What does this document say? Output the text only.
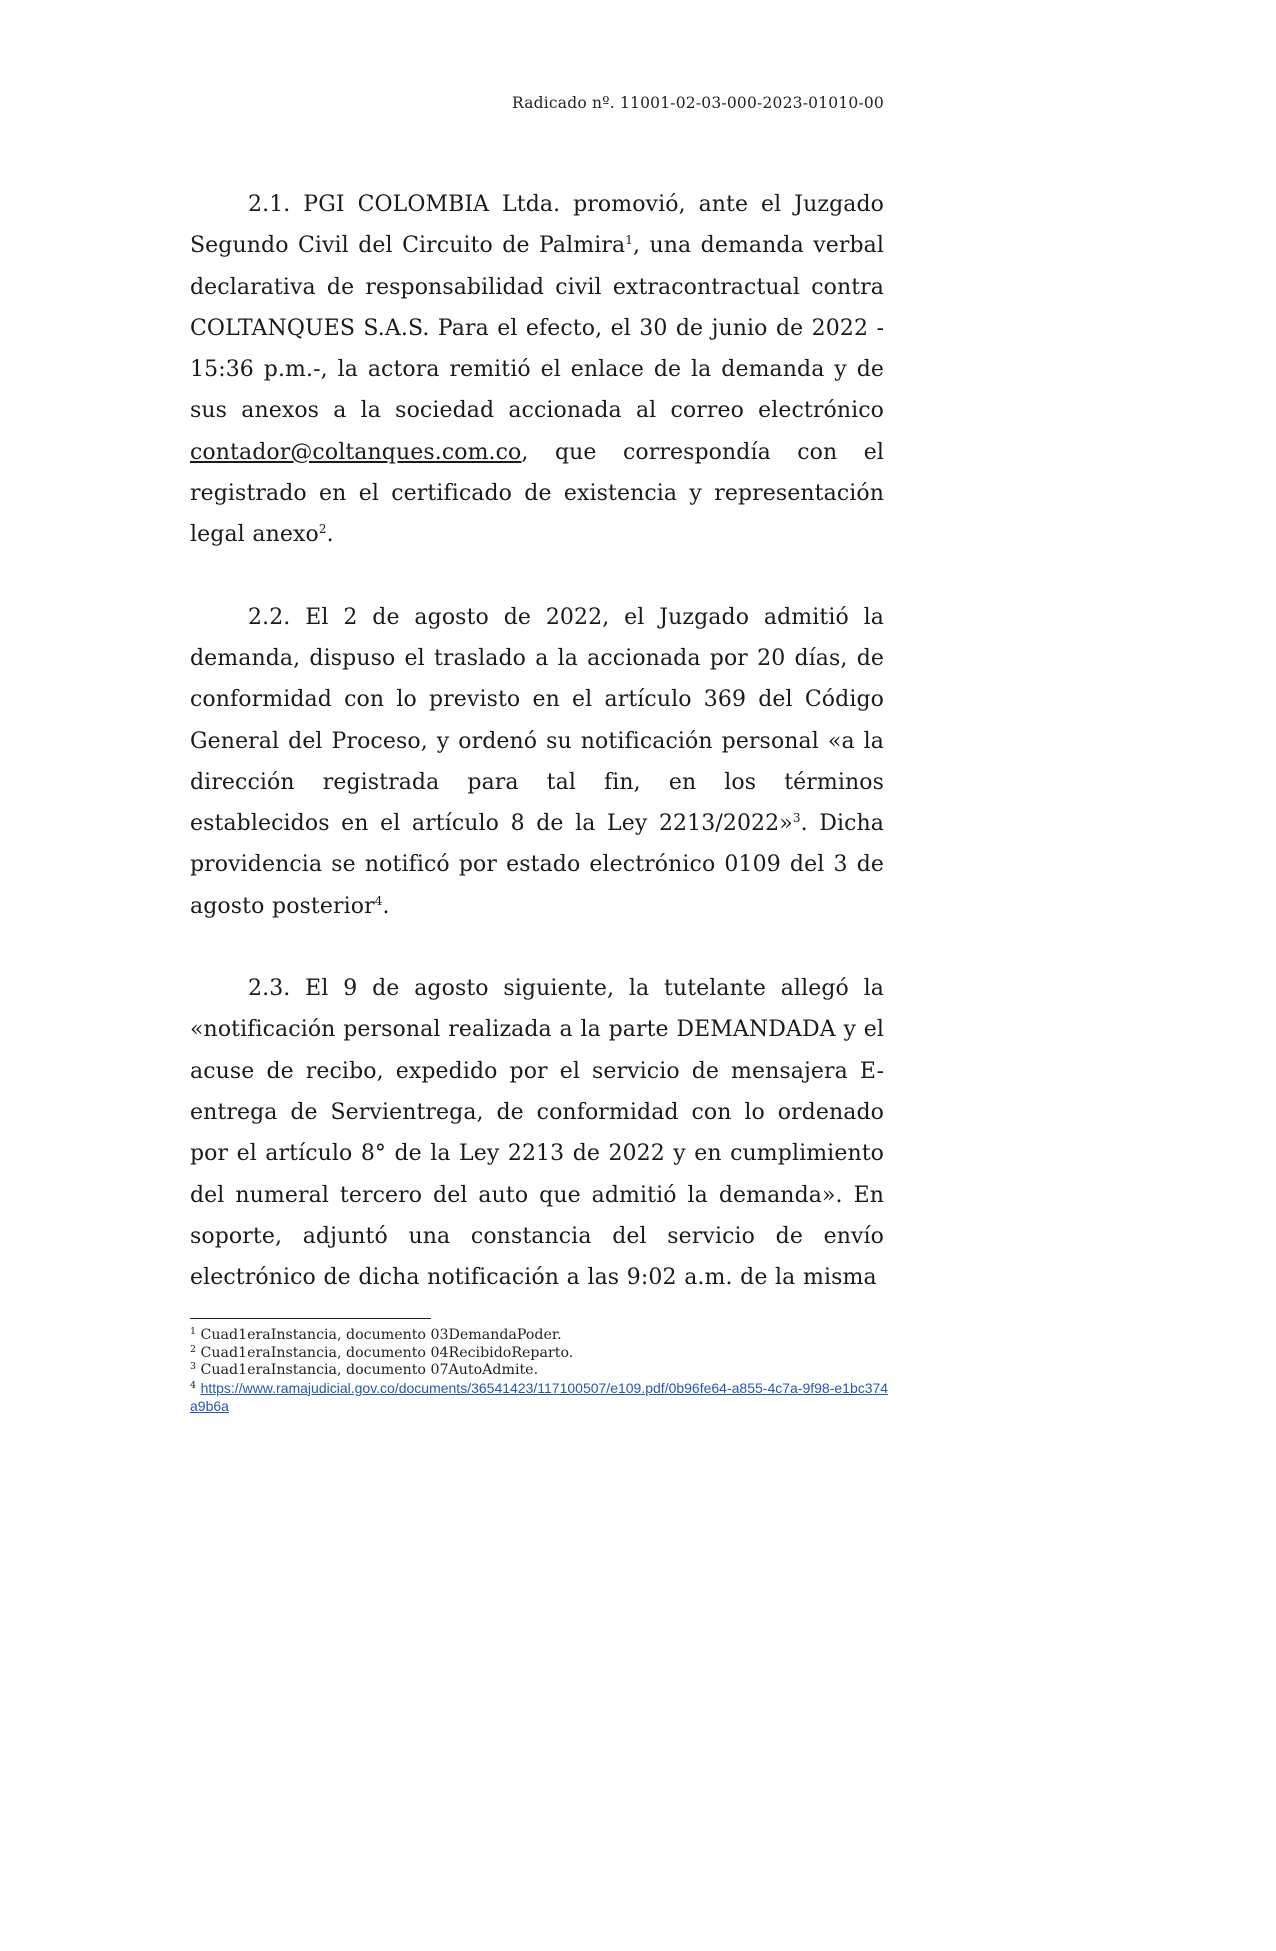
Radicado nº. 11001-02-03-000-2023-01010-00

2.1. PGI COLOMBIA Ltda. promovió, ante el Juzgado Segundo Civil del Circuito de Palmira$^1$, una demanda verbal declarativa de responsabilidad civil extracontractual contra COLTANQUES S.A.S. Para el efecto, el 30 de junio de 2022 - 15:36 p.m.-, la actora remitió el enlace de la demanda y de sus anexos a la sociedad accionada al correo electrónico contador@coltanques.com.co, que correspondía con el registrado en el certificado de existencia y representación legal anexo$^2$.

2.2. El 2 de agosto de 2022, el Juzgado admitió la demanda, dispuso el traslado a la accionada por 20 días, de conformidad con lo previsto en el artículo 369 del Código General del Proceso, y ordenó su notificación personal «a la dirección registrada para tal fin, en los términos establecidos en el artículo 8 de la Ley 2213/2022»$^3$. Dicha providencia se notificó por estado electrónico 0109 del 3 de agosto posterior$^4$.

2.3. El 9 de agosto siguiente, la tutelante allegó la «notificación personal realizada a la parte DEMANDADA y el acuse de recibo, expedido por el servicio de mensajera E-entrega de Servientrega, de conformidad con lo ordenado por el artículo 8° de la Ley 2213 de 2022 y en cumplimiento del numeral tercero del auto que admitió la demanda». En soporte, adjuntó una constancia del servicio de envío electrónico de dicha notificación a las 9:02 a.m. de la misma

$^1$ Cuad1eraInstancia, documento 03DemandaPoder.
$^2$ Cuad1eraInstancia, documento 04RecibidoReparto.
$^3$ Cuad1eraInstancia, documento 07AutoAdmite.
$^4$ https://www.ramajudicial.gov.co/documents/36541423/117100507/e109.pdf/0b96fe64-a855-4c7a-9f98-e1bc374a9b6a
